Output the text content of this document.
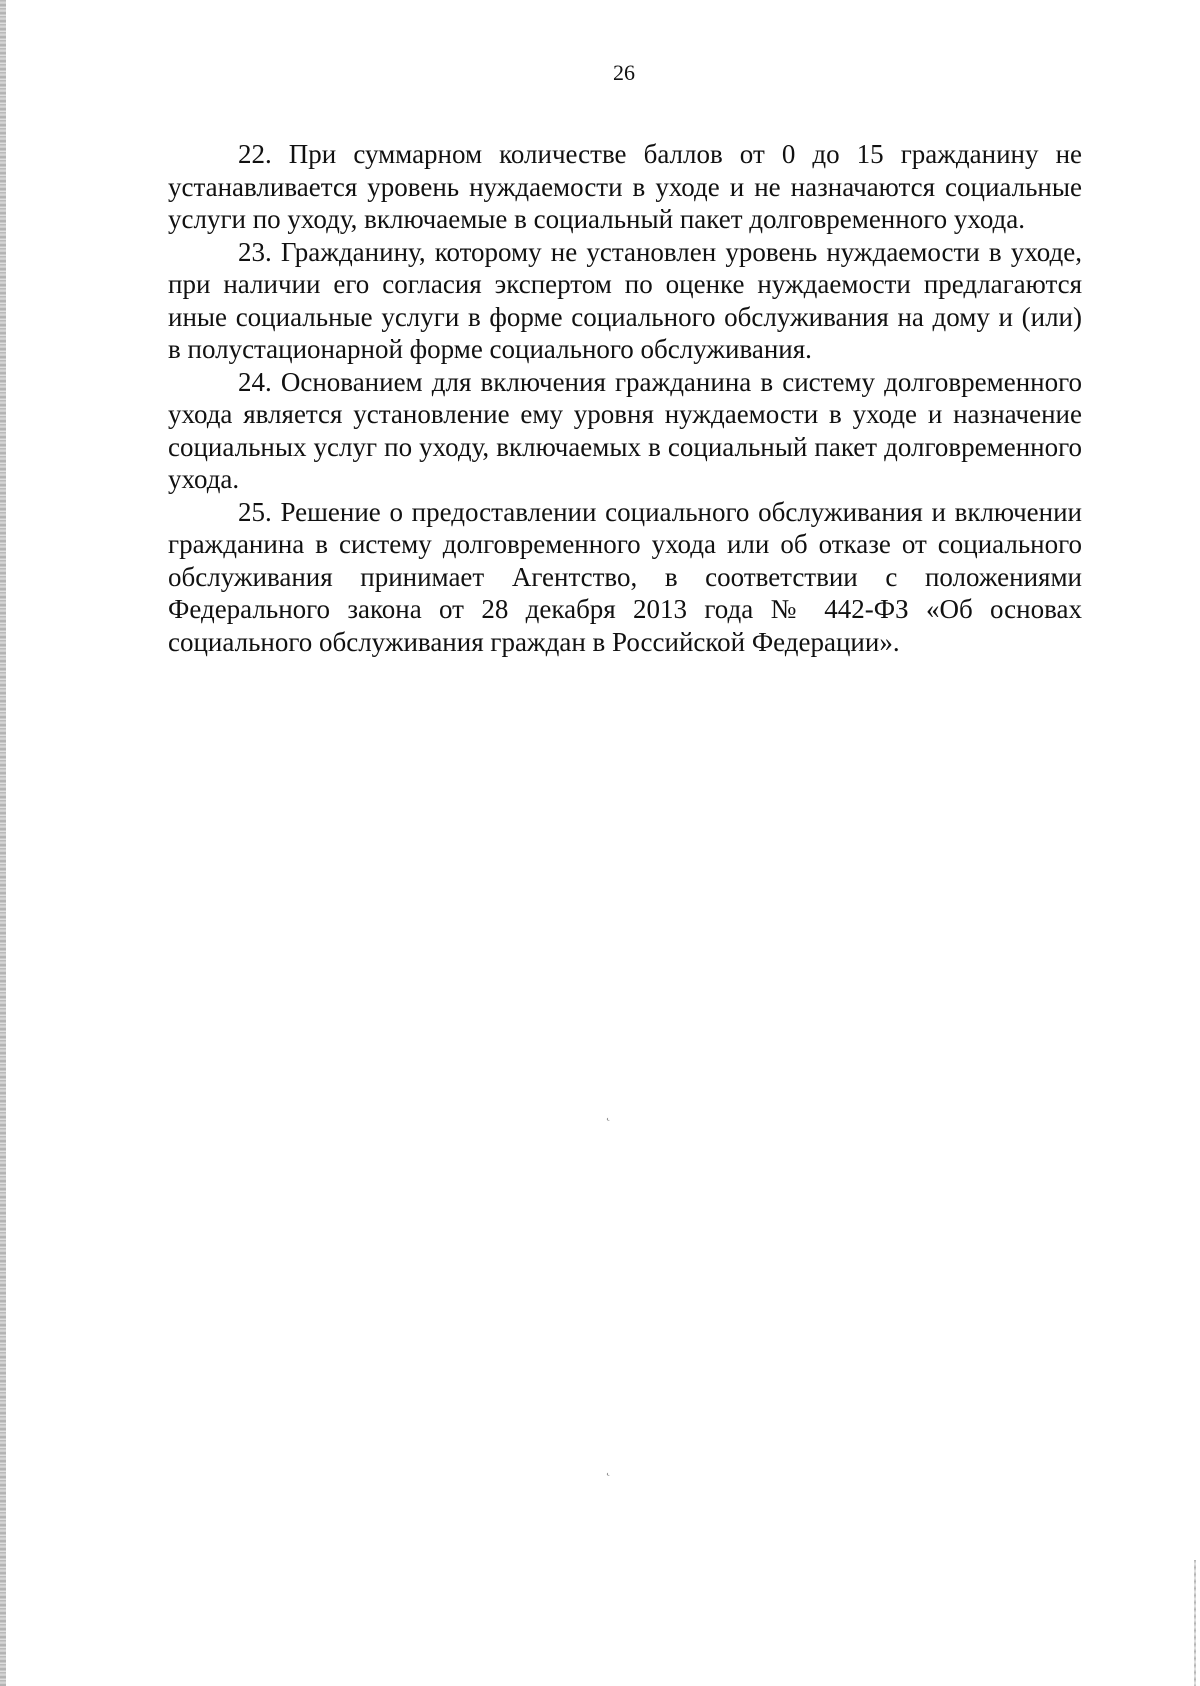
26

22. При суммарном количестве баллов от 0 до 15 гражданину не устанавливается уровень нуждаемости в уходе и не назначаются социальные услуги по уходу, включаемые в социальный пакет долговременного ухода.

23. Гражданину, которому не установлен уровень нуждаемости в уходе, при наличии его согласия экспертом по оценке нуждаемости предлагаются иные социальные услуги в форме социального обслуживания на дому и (или) в полустационарной форме социального обслуживания.

24. Основанием для включения гражданина в систему долговременного ухода является установление ему уровня нуждаемости в уходе и назначение социальных услуг по уходу, включаемых в социальный пакет долговременного ухода.

25. Решение о предоставлении социального обслуживания и включении гражданина в систему долговременного ухода или об отказе от социального обслуживания принимает Агентство, в соответствии с положениями Федерального закона от 28 декабря 2013 года № 442-ФЗ «Об основах социального обслуживания граждан в Российской Федерации».

˛
˛
